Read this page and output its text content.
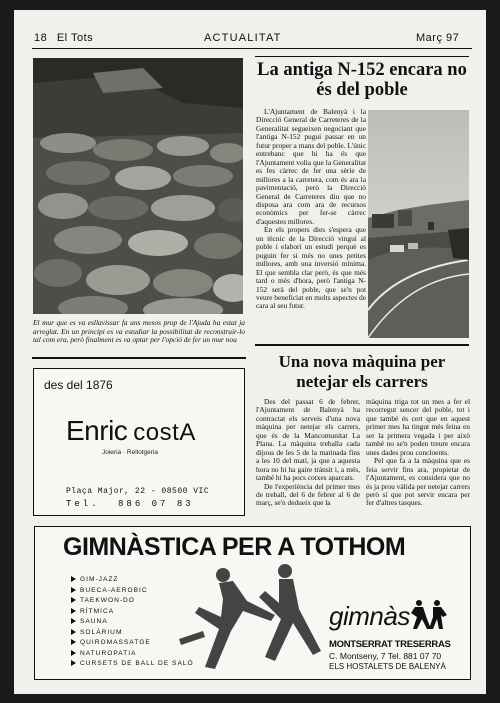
18 El Tots	ACTUALITAT	Març 97
El mur que es va esllavissar fa uns mesos prop de l'Ajuda ha estat ja arreglat. En un principi es va estudiar la possibilitat de reconstruir-lo tal com era, però finalment es va optar per l'opció de fer un mur nou
La antiga N-152 encara no és del poble

L'Ajuntament de Balenyà i la Direcció General de Carreteres de la Generalitat segueixen negociant que l'antiga N-152 pugui passar en un futur proper a mans del poble. L'únic entrebanc que hi ha és que l'Ajuntament volia que la Generalitat es fes càrrec de fer una sèrie de millores a la carretera, com és ara la pavimentació, però la Direcció General de Carreteres diu que no disposa ara com ara de recursos econòmics per fer-se càrrec d'aquestes millores.

En els propers dies s'espera que un tècnic de la Direcció vingui al poble i elabori un estudi perquè es puguin fer si més no unes petites millores, amb una inversió mínima. El que sembla clar però, és que més tard o més d'hora, però l'antiga N-152 serà del poble, que se'n pot veure beneficiat en molts aspectes de cara al seu futur.

Una nova màquina per netejar els carrers

Des del passat 6 de febrer, l'Ajuntament de Balenyà ha contractat els serveis d'una nova màquina per netejar els carrers, que és de la Mancomunitat La Plana. La màquina treballa cada dijous de les 5 de la matinada fins a les 10 del matí, ja que a aquesta hora no hi ha gaire trànsit i, a més, també hi ha pocs cotxes aparcats.

De l'experiència del primer mes de treball, del 6 de febrer al 6 de març, se'n dedueix que la

màquina triga tot un mes a fer el recorregut sencer del poble, tot i que també és cert que en aquest primer mes ha tingut més feina en ser la primera vegada i per això també no se'n poden treure encara unes dades prou concloents.

Pel que fa a la màquina que es feia servir fins ara, propietat de l'Ajuntament, es considera que no és ja prou vàlida per netejar carrers però sí que pot servir encara per fer d'altres tasques.

des del 1876
Enric costA
Joieria · Rellotgeria
Plaça Major, 22 - 08500 VIC
Tel. 886 07 83
GIMNÀSTICA PER A TOTHOM
GIM-JAZZ
BUECA-AEROBIC
TAEKWON-DO
RÍTMICA
SAUNA
SOLÀRIUM
QUIROMASSATGE
NATUROPATIA
CURSETS DE BALL DE SALÓ
gimnàs
MONTSERRAT TRESERRAS
C. Montseny, 7 Tel. 881 07 70
ELS HOSTALETS DE BALENYÀ
